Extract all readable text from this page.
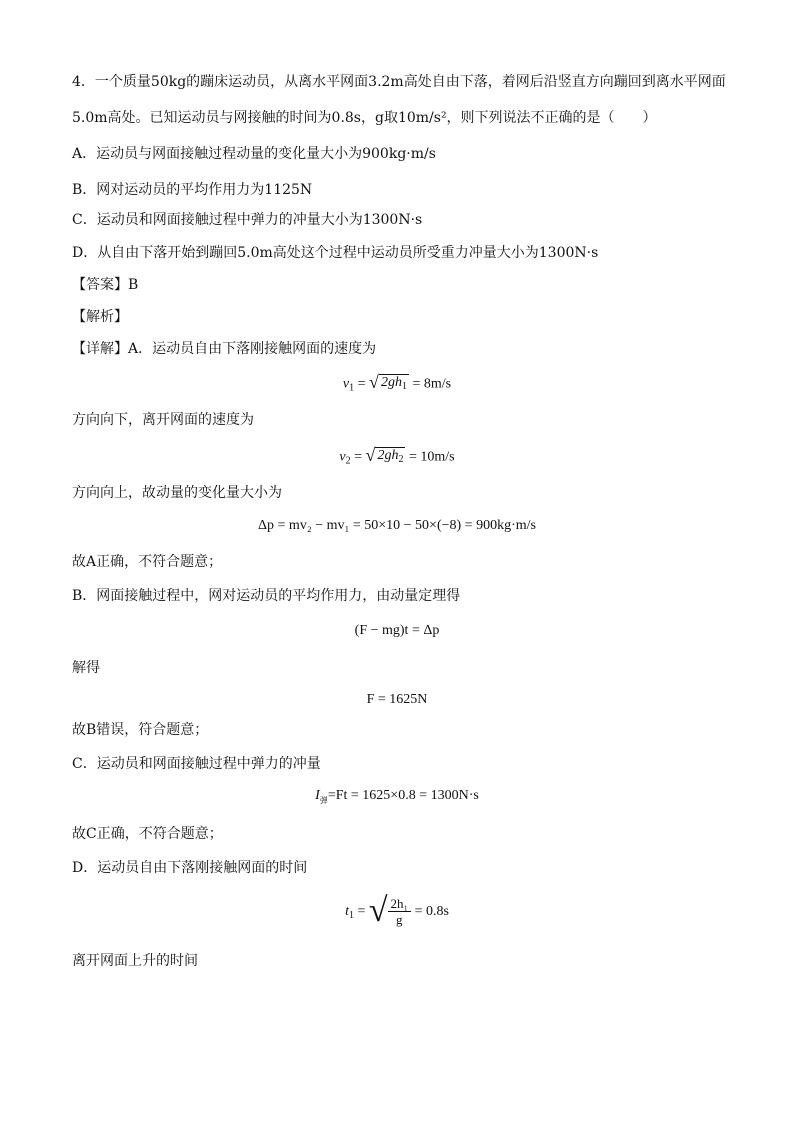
4．一个质量50kg的蹦床运动员，从离水平网面3.2m高处自由下落，着网后沿竖直方向蹦回到离水平网面
5.0m高处。已知运动员与网接触的时间为0.8s，g取10m/s²，则下列说法不正确的是（　　）
A．运动员与网面接触过程动量的变化量大小为900kg·m/s
B．网对运动员的平均作用力为1125N
C．运动员和网面接触过程中弹力的冲量大小为1300N·s
D．从自由下落开始到蹦回5.0m高处这个过程中运动员所受重力冲量大小为1300N·s
【答案】B
【解析】
【详解】A．运动员自由下落刚接触网面的速度为
$v_1$ = √ $2gh_1 = 8m/s$
方向向下，离开网面的速度为
$v_2$ = √ $2gh_2 = 10m/s$
方向向上，故动量的变化量大小为
Δp = mv₂ − mv₁ = 50×10 − 50×(−8) = 900kg·m/s
故A正确，不符合题意；
B．网面接触过程中，网对运动员的平均作用力，由动量定理得
(F − mg)t = Δp
解得
F = 1625N
故B错误，符合题意；
C．运动员和网面接触过程中弹力的冲量
$I_弹=Ft = 1625\times 0.8 = 1300N\cdot s$
故C正确，不符合题意；
D．运动员自由下落刚接触网面的时间
$t_1$ = √ $\frac{\text{2h₁}}{g} = 0.8s$
离开网面上升的时间
